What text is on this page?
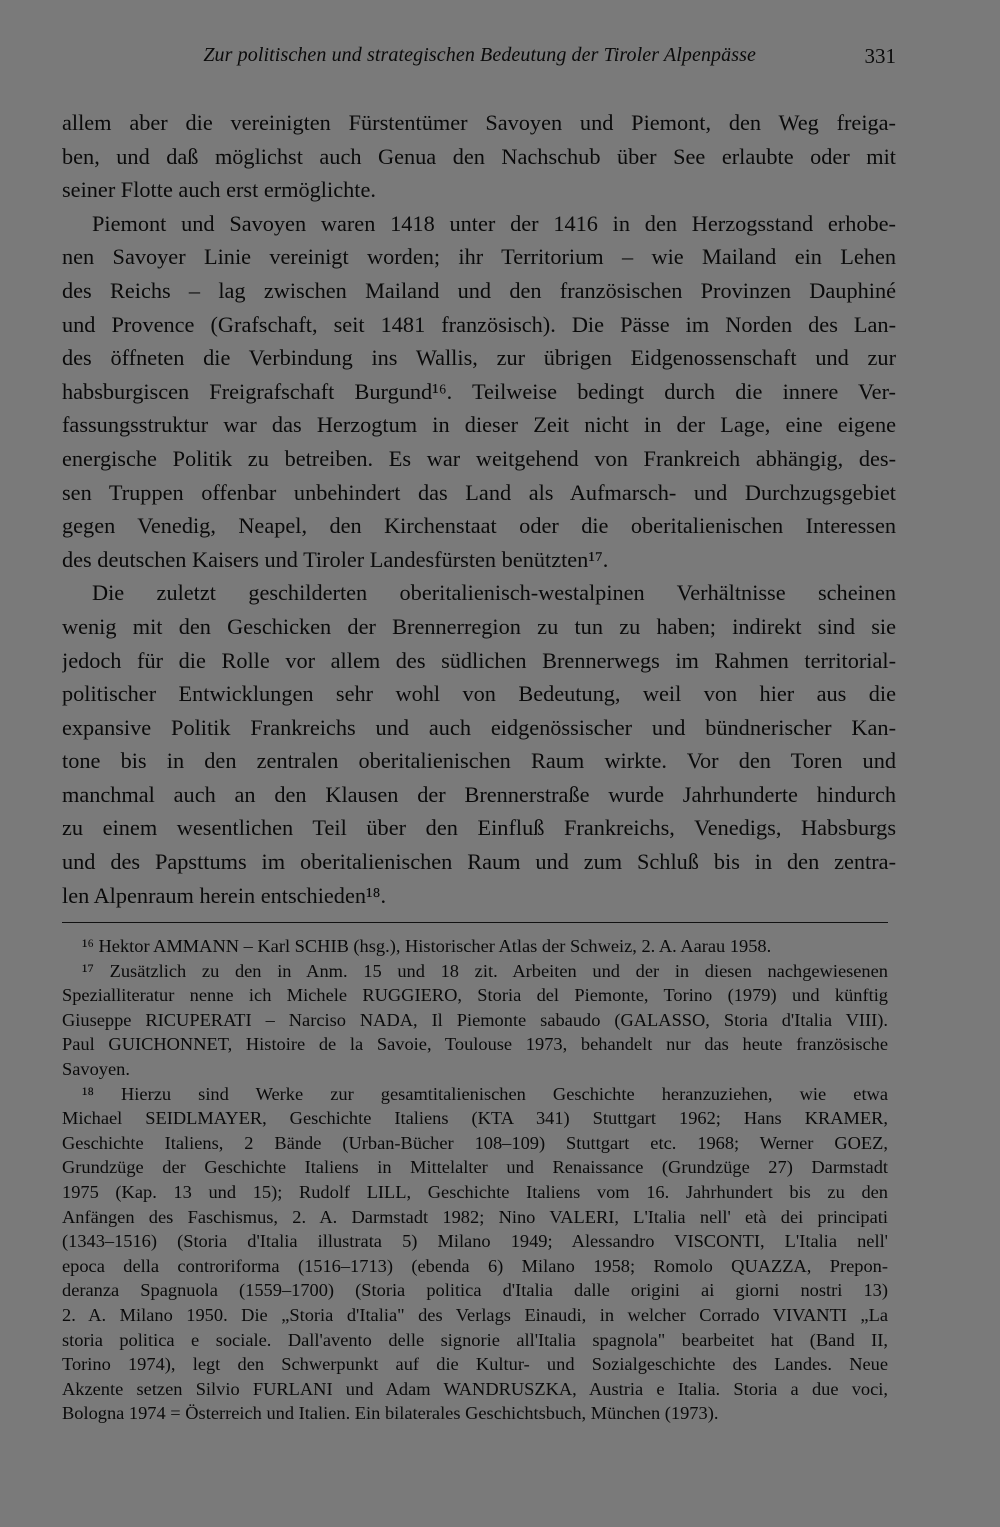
Zur politischen und strategischen Bedeutung der Tiroler Alpenpässe	331

allem aber die vereinigten Fürstentümer Savoyen und Piemont, den Weg freiga-
ben, und daß möglichst auch Genua den Nachschub über See erlaubte oder mit
seiner Flotte auch erst ermöglichte.

Piemont und Savoyen waren 1418 unter der 1416 in den Herzogsstand erhobe-
nen Savoyer Linie vereinigt worden; ihr Territorium – wie Mailand ein Lehen
des Reichs – lag zwischen Mailand und den französischen Provinzen Dauphiné
und Provence (Grafschaft, seit 1481 französisch). Die Pässe im Norden des Lan-
des öffneten die Verbindung ins Wallis, zur übrigen Eidgenossenschaft und zur
habsburgiscen Freigrafschaft Burgund¹⁶. Teilweise bedingt durch die innere Ver-
fassungsstruktur war das Herzogtum in dieser Zeit nicht in der Lage, eine eigene
energische Politik zu betreiben. Es war weitgehend von Frankreich abhängig, des-
sen Truppen offenbar unbehindert das Land als Aufmarsch- und Durchzugsgebiet
gegen Venedig, Neapel, den Kirchenstaat oder die oberitalienischen Interessen
des deutschen Kaisers und Tiroler Landesfürsten benützten¹⁷.

Die zuletzt geschilderten oberitalienisch-westalpinen Verhältnisse scheinen
wenig mit den Geschicken der Brennerregion zu tun zu haben; indirekt sind sie
jedoch für die Rolle vor allem des südlichen Brennerwegs im Rahmen territorial-
politischer Entwicklungen sehr wohl von Bedeutung, weil von hier aus die
expansive Politik Frankreichs und auch eidgenössischer und bündnerischer Kan-
tone bis in den zentralen oberitalienischen Raum wirkte. Vor den Toren und
manchmal auch an den Klausen der Brennerstraße wurde Jahrhunderte hindurch
zu einem wesentlichen Teil über den Einfluß Frankreichs, Venedigs, Habsburgs
und des Papsttums im oberitalienischen Raum und zum Schluß bis in den zentra-
len Alpenraum herein entschieden¹⁸.

¹⁶ Hektor AMMANN – Karl SCHIB (hsg.), Historischer Atlas der Schweiz, 2. A. Aarau 1958.
¹⁷ Zusätzlich zu den in Anm. 15 und 18 zit. Arbeiten und der in diesen nachgewiesenen
Spezialliteratur nenne ich Michele RUGGIERO, Storia del Piemonte, Torino (1979) und künftig
Giuseppe RICUPERATI – Narciso NADA, Il Piemonte sabaudo (GALASSO, Storia d'Italia VIII).
Paul GUICHONNET, Histoire de la Savoie, Toulouse 1973, behandelt nur das heute französische
Savoyen.
¹⁸ Hierzu sind Werke zur gesamtitalienischen Geschichte heranzuziehen, wie etwa
Michael SEIDLMAYER, Geschichte Italiens (KTA 341) Stuttgart 1962; Hans KRAMER,
Geschichte Italiens, 2 Bände (Urban-Bücher 108–109) Stuttgart etc. 1968; Werner GOEZ,
Grundzüge der Geschichte Italiens in Mittelalter und Renaissance (Grundzüge 27) Darmstadt
1975 (Kap. 13 und 15); Rudolf LILL, Geschichte Italiens vom 16. Jahrhundert bis zu den
Anfängen des Faschismus, 2. A. Darmstadt 1982; Nino VALERI, L'Italia nell' età dei principati
(1343–1516) (Storia d'Italia illustrata 5) Milano 1949; Alessandro VISCONTI, L'Italia nell'
epoca della controriforma (1516–1713) (ebenda 6) Milano 1958; Romolo QUAZZA, Prepon-
deranza Spagnuola (1559–1700) (Storia politica d'Italia dalle origini ai giorni nostri 13)
2. A. Milano 1950. Die „Storia d'Italia" des Verlags Einaudi, in welcher Corrado VIVANTI „La
storia politica e sociale. Dall'avento delle signorie all'Italia spagnola" bearbeitet hat (Band II,
Torino 1974), legt den Schwerpunkt auf die Kultur- und Sozialgeschichte des Landes. Neue
Akzente setzen Silvio FURLANI und Adam WANDRUSZKA, Austria e Italia. Storia a due voci,
Bologna 1974 = Österreich und Italien. Ein bilaterales Geschichtsbuch, München (1973).
